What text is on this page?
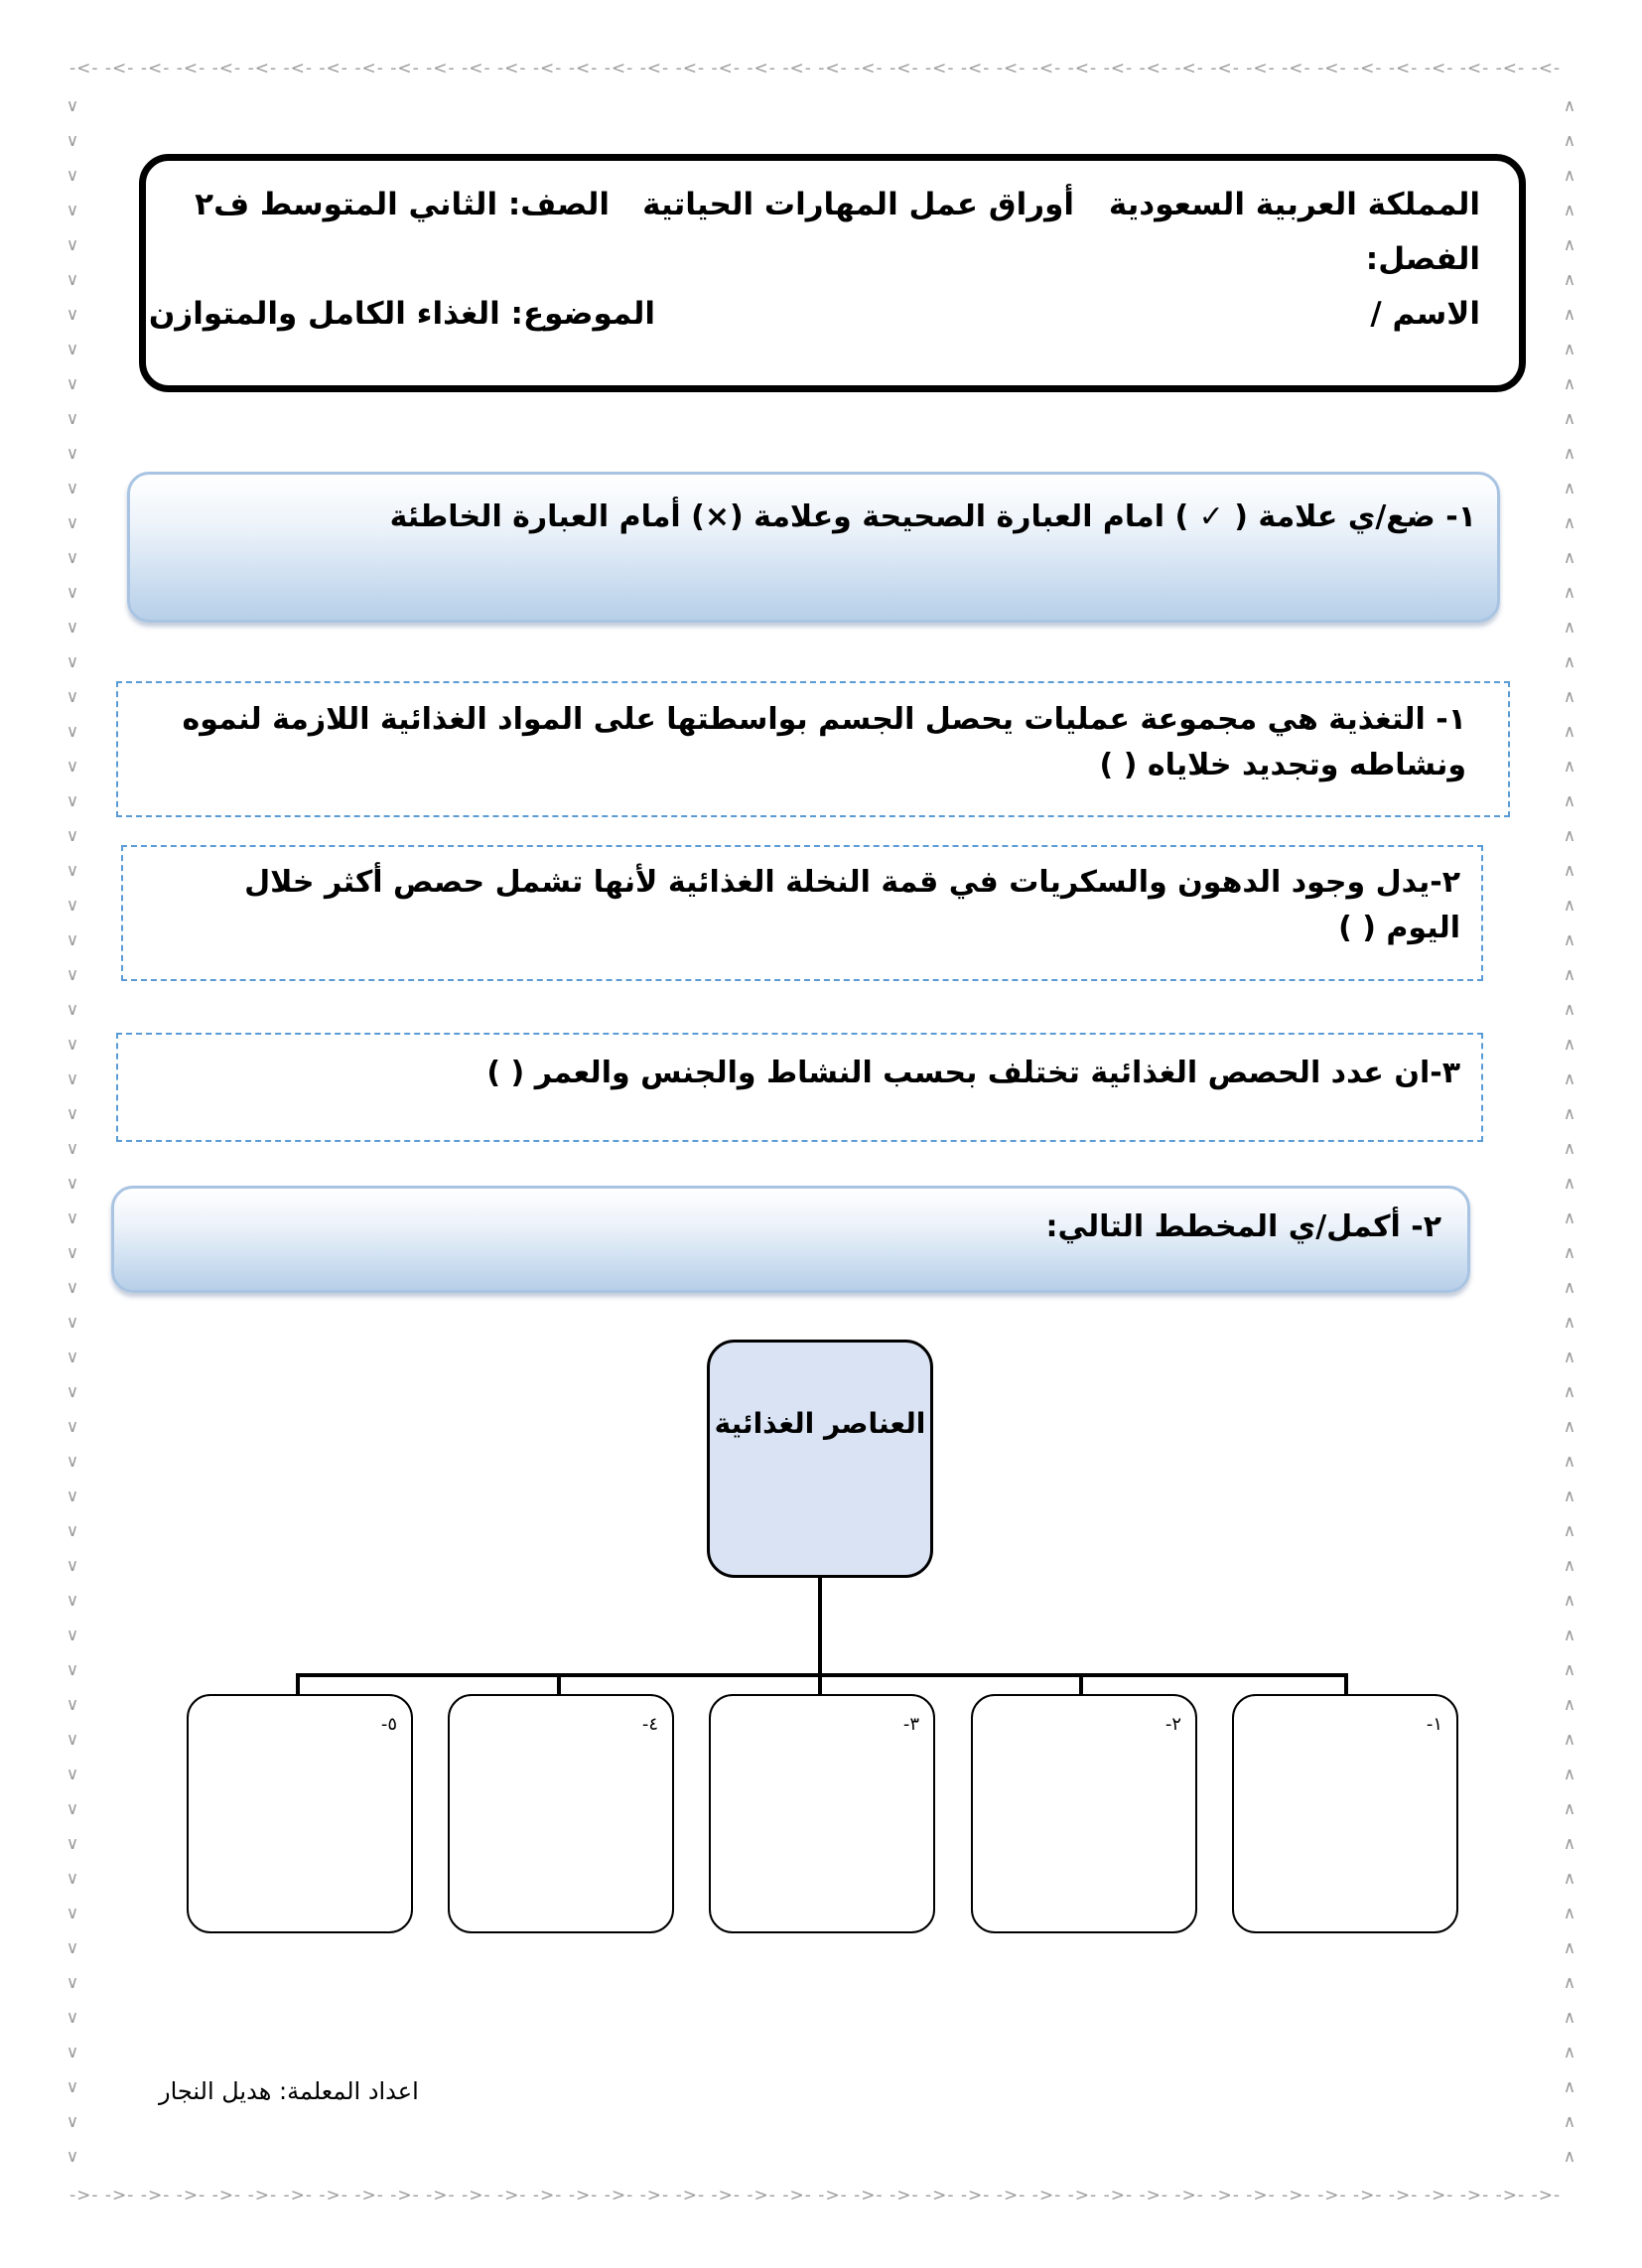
-<- -<- -<- -<- -<- -<- -<- -<- -<- -<- -<- -<- -<- -<- -<- -<- -<- -<- -<- -<- -<- -<- -<- -<- -<- -<- -<- -<- -<- -<- -<- -<- -<- -<- -<- -<- -<- -<- -<- -<- -<- -<-
->- ->- ->- ->- ->- ->- ->- ->- ->- ->- ->- ->- ->- ->- ->- ->- ->- ->- ->- ->- ->- ->- ->- ->- ->- ->- ->- ->- ->- ->- ->- ->- ->- ->- ->- ->- ->- ->- ->- ->- ->- ->-
∨ ∨ ∨ ∨ ∨ ∨ ∨ ∨ ∨ ∨ ∨ ∨ ∨ ∨ ∨ ∨ ∨ ∨ ∨ ∨ ∨ ∨ ∨ ∨ ∨ ∨ ∨ ∨ ∨ ∨ ∨ ∨ ∨ ∨ ∨ ∨ ∨ ∨ ∨ ∨ ∨ ∨ ∨ ∨ ∨ ∨ ∨ ∨ ∨ ∨ ∨ ∨ ∨ ∨ ∨ ∨ ∨ ∨ ∨ ∨
∧ ∧ ∧ ∧ ∧ ∧ ∧ ∧ ∧ ∧ ∧ ∧ ∧ ∧ ∧ ∧ ∧ ∧ ∧ ∧ ∧ ∧ ∧ ∧ ∧ ∧ ∧ ∧ ∧ ∧ ∧ ∧ ∧ ∧ ∧ ∧ ∧ ∧ ∧ ∧ ∧ ∧ ∧ ∧ ∧ ∧ ∧ ∧ ∧ ∧ ∧ ∧ ∧ ∧ ∧ ∧ ∧ ∧ ∧ ∧
المملكة العربية السعودية
أوراق عمل المهارات الحياتية
الصف: الثاني المتوسط ف٢
الفصل:
الاسم /
الموضوع: الغذاء الكامل والمتوازن
١- ضع/ي علامة ( ✓ ) امام العبارة الصحيحة وعلامة (×) أمام العبارة الخاطئة
١- التغذية هي مجموعة عمليات يحصل الجسم بواسطتها على المواد الغذائية اللازمة لنموه
ونشاطه وتجديد خلاياه ( )
٢-يدل وجود الدهون والسكريات في قمة النخلة الغذائية لأنها تشمل حصص أكثر خلال
اليوم ( )
٣-ان عدد الحصص الغذائية تختلف بحسب النشاط والجنس والعمر ( )
٢- أكمل/ي المخطط التالي:
العناصر الغذائية
١-
٢-
٣-
٤-
٥-
اعداد المعلمة: هديل النجار
